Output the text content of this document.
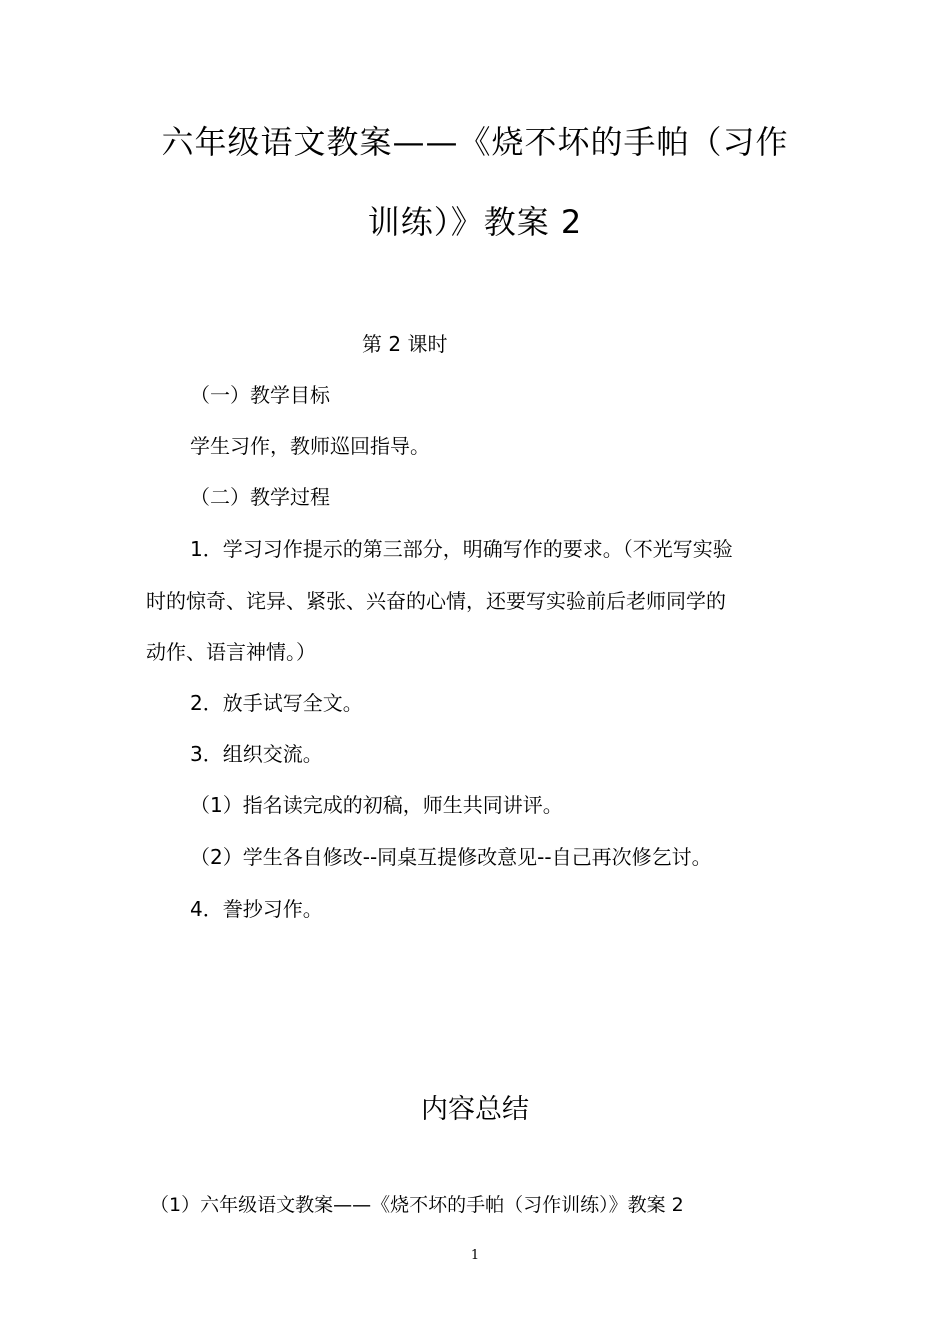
六年级语文教案——《烧不坏的手帕（习作
训练）》教案 2
第 2 课时
（一）教学目标
学生习作，教师巡回指导。
（二）教学过程
1．学习习作提示的第三部分，明确写作的要求。（不光写实验
时的惊奇、诧异、紧张、兴奋的心情，还要写实验前后老师同学的
动作、语言神情。）
2．放手试写全文。
3．组织交流。
（1）指名读完成的初稿，师生共同讲评。
（2）学生各自修改--同桌互提修改意见--自己再次修乞讨。
4．誊抄习作。
内容总结
（1）六年级语文教案——《烧不坏的手帕（习作训练）》教案 2
1
